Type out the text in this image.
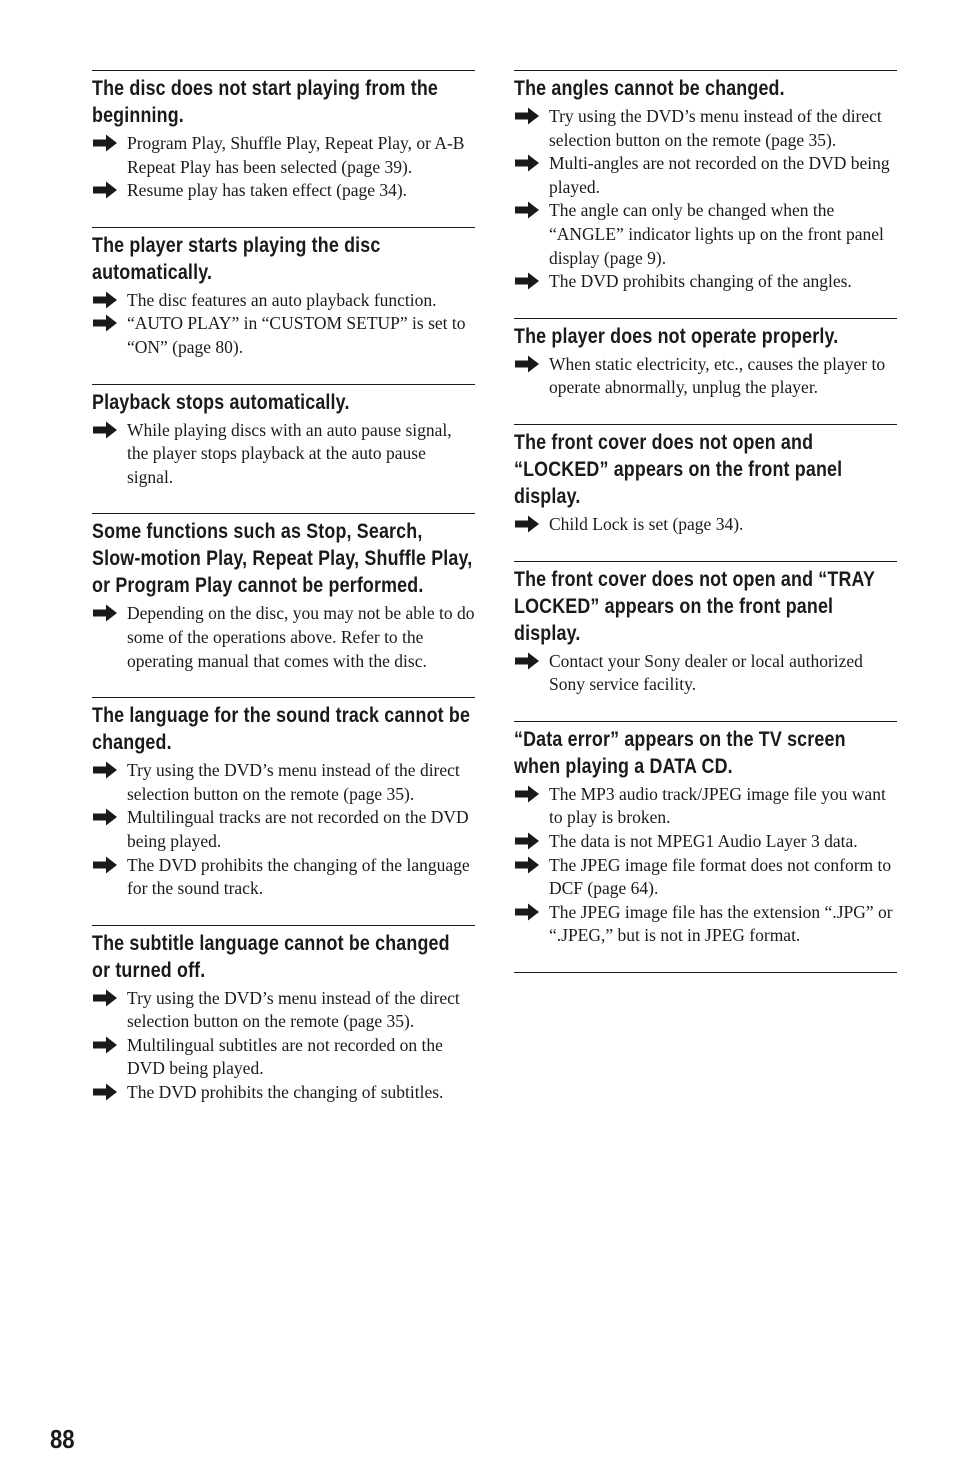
The disc does not start playing from the beginning.
Program Play, Shuffle Play, Repeat Play, or A-B Repeat Play has been selected (page 39).
Resume play has taken effect (page 34).
The player starts playing the disc automatically.
The disc features an auto playback function.
“AUTO PLAY” in “CUSTOM SETUP” is set to “ON” (page 80).
Playback stops automatically.
While playing discs with an auto pause signal, the player stops playback at the auto pause signal.
Some functions such as Stop, Search, Slow-motion Play, Repeat Play, Shuffle Play, or Program Play cannot be performed.
Depending on the disc, you may not be able to do some of the operations above. Refer to the operating manual that comes with the disc.
The language for the sound track cannot be changed.
Try using the DVD’s menu instead of the direct selection button on the remote (page 35).
Multilingual tracks are not recorded on the DVD being played.
The DVD prohibits the changing of the language for the sound track.
The subtitle language cannot be changed or turned off.
Try using the DVD’s menu instead of the direct selection button on the remote (page 35).
Multilingual subtitles are not recorded on the DVD being played.
The DVD prohibits the changing of subtitles.
The angles cannot be changed.
Try using the DVD’s menu instead of the direct selection button on the remote (page 35).
Multi-angles are not recorded on the DVD being played.
The angle can only be changed when the “ANGLE” indicator lights up on the front panel display (page 9).
The DVD prohibits changing of the angles.
The player does not operate properly.
When static electricity, etc., causes the player to operate abnormally, unplug the player.
The front cover does not open and “LOCKED” appears on the front panel display.
Child Lock is set (page 34).
The front cover does not open and “TRAY LOCKED” appears on the front panel display.
Contact your Sony dealer or local authorized Sony service facility.
“Data error” appears on the TV screen when playing a DATA CD.
The MP3 audio track/JPEG image file you want to play is broken.
The data is not MPEG1 Audio Layer 3 data.
The JPEG image file format does not conform to DCF (page 64).
The JPEG image file has the extension “.JPG” or “.JPEG,” but is not in JPEG format.
88
